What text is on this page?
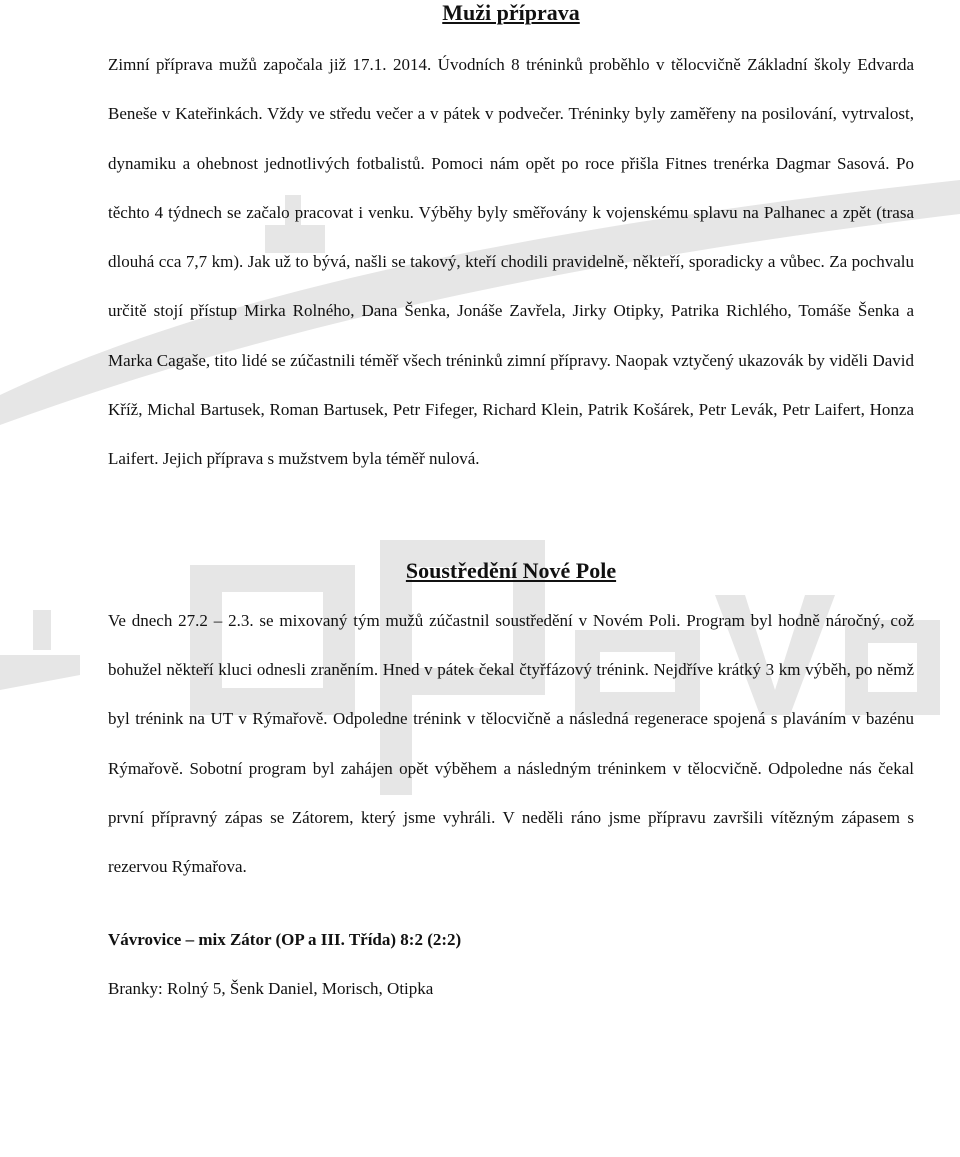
Muži příprava

Zimní příprava mužů započala již 17.1. 2014. Úvodních 8 tréninků proběhlo v tělocvičně Základní školy Edvarda Beneše v Kateřinkách. Vždy ve středu večer a v pátek v podvečer. Tréninky byly zaměřeny na posilování, vytrvalost, dynamiku a ohebnost jednotlivých fotbalistů. Pomoci nám opět po roce přišla Fitnes trenérka Dagmar Sasová. Po těchto 4 týdnech se začalo pracovat i venku. Výběhy byly směřovány k vojenskému splavu na Palhanec a zpět (trasa dlouhá cca 7,7 km). Jak už to bývá, našli se takový, kteří chodili pravidelně, někteří, sporadicky a vůbec. Za pochvalu určitě stojí přístup Mirka Rolného, Dana Šenka, Jonáše Zavřela, Jirky Otipky, Patrika Richlého, Tomáše Šenka a Marka Cagaše, tito lidé se zúčastnili téměř všech tréninků zimní přípravy. Naopak vztyčený ukazovák by viděli David Kříž, Michal Bartusek, Roman Bartusek, Petr Fifeger, Richard Klein, Patrik Košárek, Petr Levák, Petr Laifert, Honza Laifert. Jejich příprava s mužstvem byla téměř nulová.

Soustředění Nové Pole

Ve dnech 27.2 – 2.3. se mixovaný tým mužů zúčastnil soustředění v Novém Poli. Program byl hodně náročný, což bohužel někteří kluci odnesli zraněním. Hned v pátek čekal čtyřfázový trénink. Nejdříve krátký 3 km výběh, po němž byl trénink na UT v Rýmařově. Odpoledne trénink v tělocvičně a následná regenerace spojená s plaváním v bazénu Rýmařově. Sobotní program byl zahájen opět výběhem a následným tréninkem v tělocvičně. Odpoledne nás čekal první přípravný zápas se Zátorem, který jsme vyhráli. V neděli ráno jsme přípravu završili vítězným zápasem s rezervou Rýmařova.

Vávrovice – mix Zátor (OP a III. Třída) 8:2 (2:2)

Branky: Rolný 5, Šenk Daniel, Morisch, Otipka
